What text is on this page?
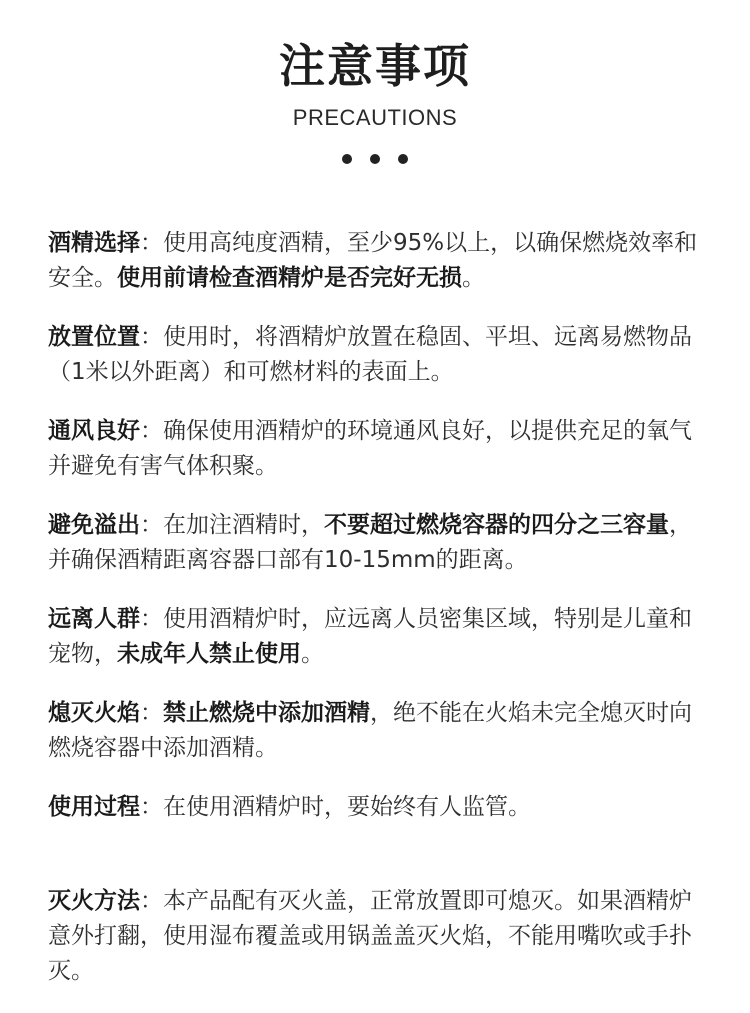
注意事项
PRECAUTIONS
酒精选择：使用高纯度酒精，至少95%以上，以确保燃烧效率和安全。使用前请检查酒精炉是否完好无损。
放置位置：使用时，将酒精炉放置在稳固、平坦、远离易燃物品（1米以外距离）和可燃材料的表面上。
通风良好：确保使用酒精炉的环境通风良好，以提供充足的氧气并避免有害气体积聚。
避免溢出：在加注酒精时，不要超过燃烧容器的四分之三容量，并确保酒精距离容器口部有10-15mm的距离。
远离人群：使用酒精炉时，应远离人员密集区域，特别是儿童和宠物，未成年人禁止使用。
熄灭火焰：禁止燃烧中添加酒精，绝不能在火焰未完全熄灭时向燃烧容器中添加酒精。
使用过程：在使用酒精炉时，要始终有人监管。
灭火方法：本产品配有灭火盖，正常放置即可熄灭。如果酒精炉意外打翻，使用湿布覆盖或用锅盖盖灭火焰，不能用嘴吹或手扑灭。
